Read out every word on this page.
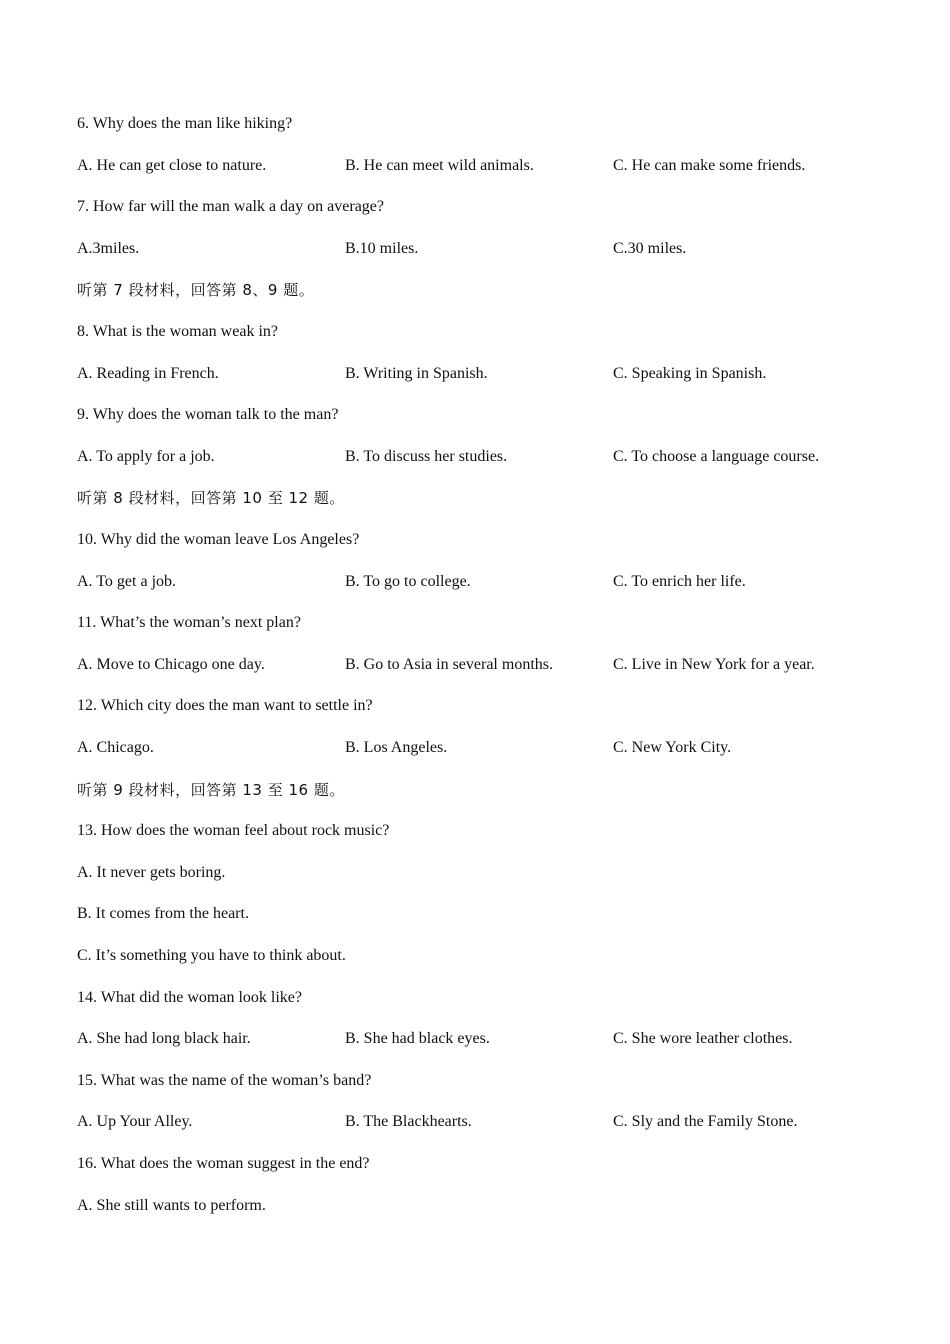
6. Why does the man like hiking?
A. He can get close to nature.	B. He can meet wild animals.	C. He can make some friends.
7. How far will the man walk a day on average?
A.3miles.	B.10 miles.	C.30 miles.
听第 7 段材料，回答第 8、9 题。
8. What is the woman weak in?
A. Reading in French.	B. Writing in Spanish.	C. Speaking in Spanish.
9. Why does the woman talk to the man?
A. To apply for a job.	B. To discuss her studies.	C. To choose a language course.
听第 8 段材料，回答第 10 至 12 题。
10. Why did the woman leave Los Angeles?
A. To get a job.	B. To go to college.	C. To enrich her life.
11. What’s the woman’s next plan?
A. Move to Chicago one day.	B. Go to Asia in several months.	C. Live in New York for a year.
12. Which city does the man want to settle in?
A. Chicago.	B. Los Angeles.	C. New York City.
听第 9 段材料，回答第 13 至 16 题。
13. How does the woman feel about rock music?
A. It never gets boring.
B. It comes from the heart.
C. It’s something you have to think about.
14. What did the woman look like?
A. She had long black hair.	B. She had black eyes.	C. She wore leather clothes.
15. What was the name of the woman’s band?
A. Up Your Alley.	B. The Blackhearts.	C. Sly and the Family Stone.
16. What does the woman suggest in the end?
A. She still wants to perform.
